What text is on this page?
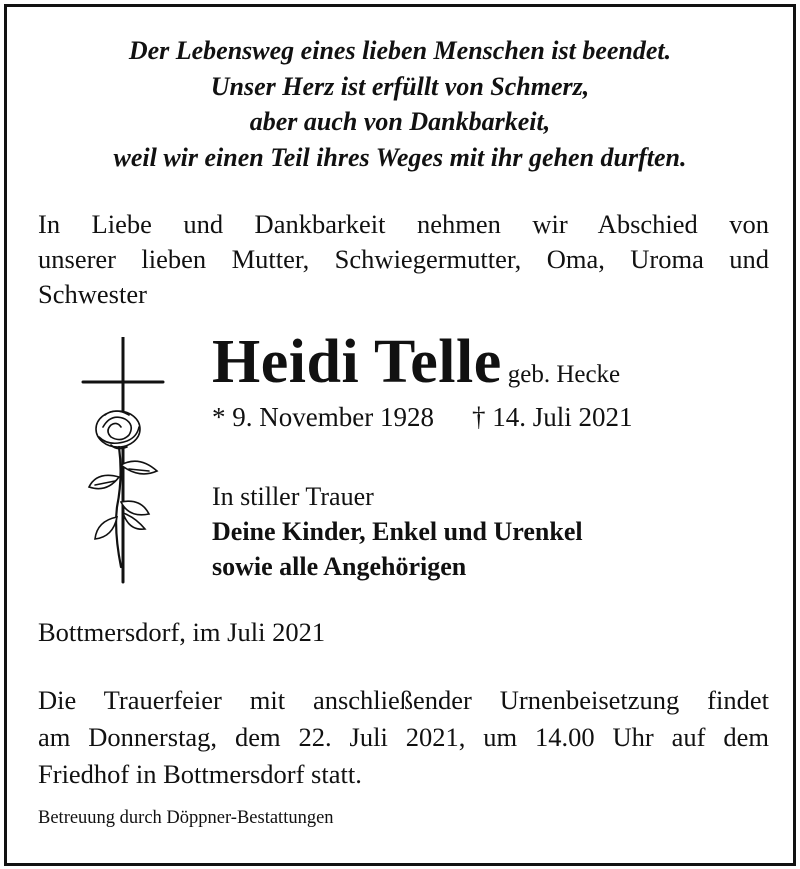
Der Lebensweg eines lieben Menschen ist beendet.
Unser Herz ist erfüllt von Schmerz,
aber auch von Dankbarkeit,
weil wir einen Teil ihres Weges mit ihr gehen durften.
In Liebe und Dankbarkeit nehmen wir Abschied von
unserer lieben Mutter, Schwiegermutter, Oma, Uroma und
Schwester
Heidi Telle geb. Hecke
* 9. November 1928 † 14. Juli 2021
In stiller Trauer
Deine Kinder, Enkel und Urenkel
sowie alle Angehörigen
Bottmersdorf, im Juli 2021
Die Trauerfeier mit anschließender Urnenbeisetzung findet
am Donnerstag, dem 22. Juli 2021, um 14.00 Uhr auf dem
Friedhof in Bottmersdorf statt.
Betreuung durch Döppner-Bestattungen
